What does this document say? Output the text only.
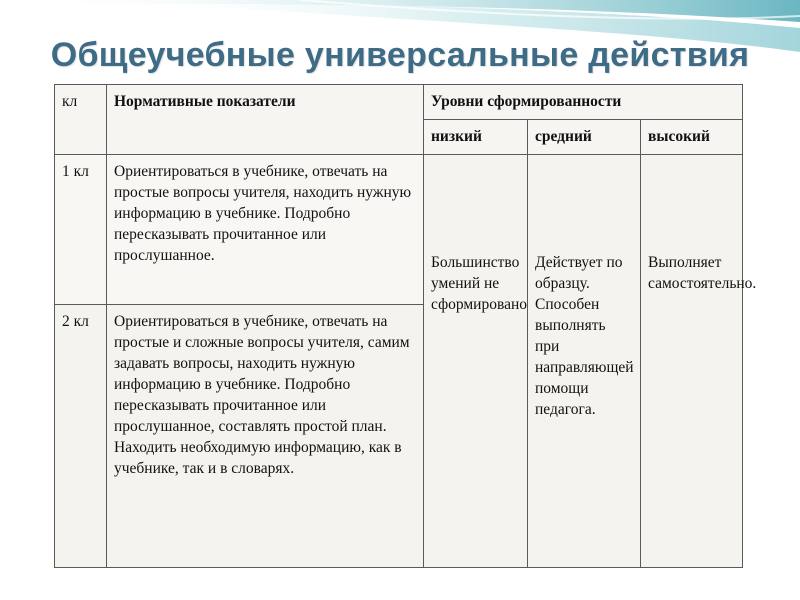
Общеучебные универсальные действия
кл	Нормативные показатели	Уровни сформированности		
		низкий	средний	высокий
1 кл	Ориентироваться в учебнике, отвечать на простые вопросы учителя, находить нужную информацию в учебнике. Подробно пересказывать прочитанное или прослушанное.	Большинство умений не сформировано	Действует по образцу. Способен выполнять при направляющей помощи педагога.	Выполняет самостоятельно.
2 кл	Ориентироваться в учебнике, отвечать на простые и сложные вопросы учителя, самим задавать вопросы, находить нужную информацию в учебнике. Подробно пересказывать прочитанное или прослушанное, составлять простой план. Находить необходимую информацию, как в учебнике, так и в словарях.			
